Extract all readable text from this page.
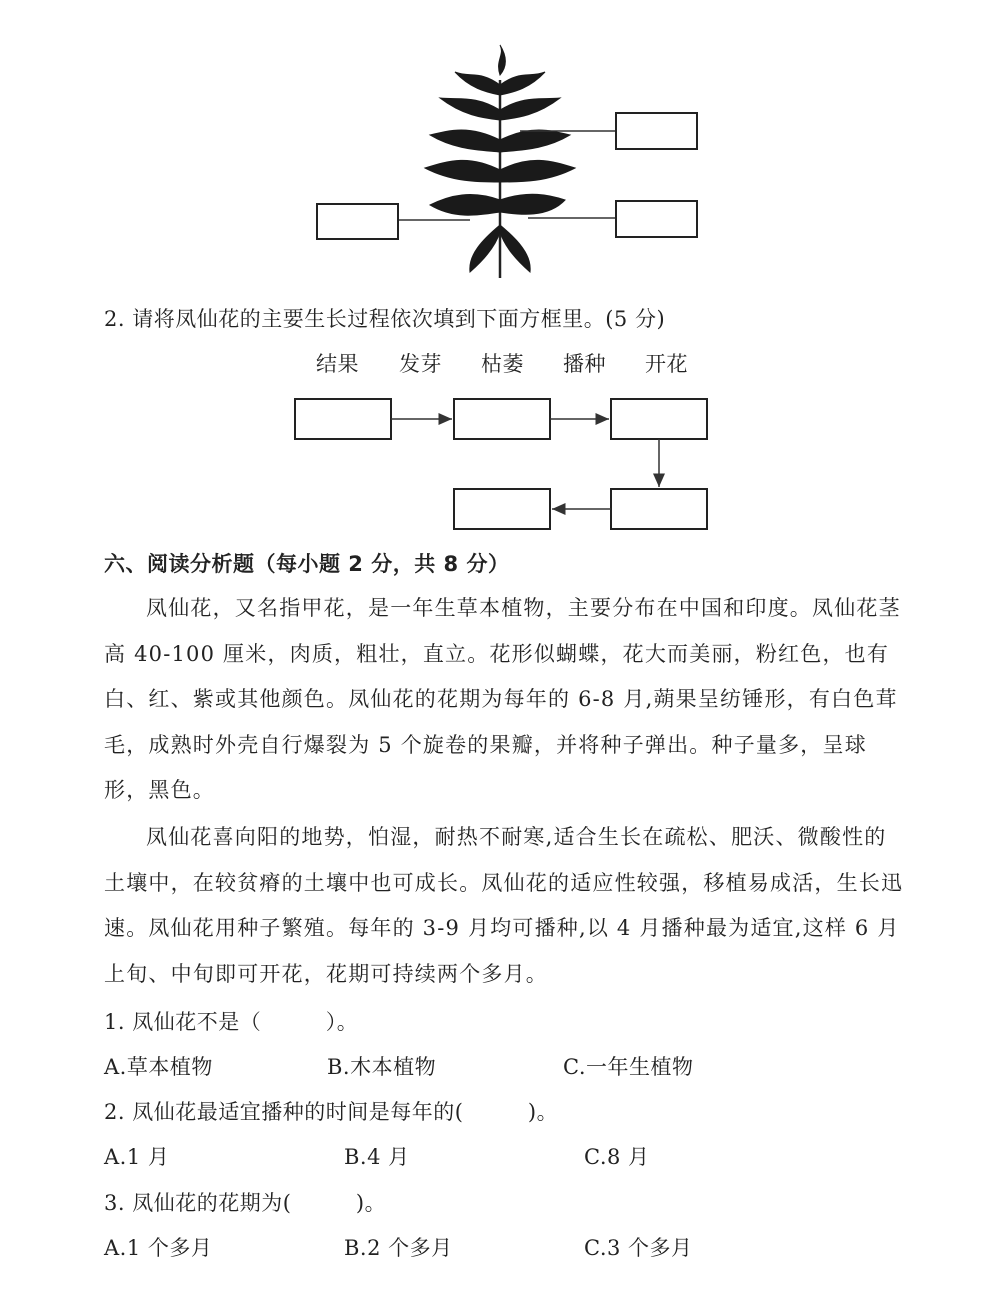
2. 请将凤仙花的主要生长过程依次填到下面方框里。(5 分)
结果 发芽 枯萎 播种 开花
六、阅读分析题（每小题 2 分，共 8 分）
凤仙花，又名指甲花，是一年生草本植物，主要分布在中国和印度。凤仙花茎高 40-100 厘米，肉质，粗壮，直立。花形似蝴蝶，花大而美丽，粉红色，也有白、红、紫或其他颜色。凤仙花的花期为每年的 6-8 月,蒴果呈纺锤形，有白色茸毛，成熟时外壳自行爆裂为 5 个旋卷的果瓣，并将种子弹出。种子量多，呈球形，黑色。
凤仙花喜向阳的地势，怕湿，耐热不耐寒,适合生长在疏松、肥沃、微酸性的土壤中，在较贫瘠的土壤中也可成长。凤仙花的适应性较强，移植易成活，生长迅速。凤仙花用种子繁殖。每年的 3-9 月均可播种,以 4 月播种最为适宜,这样 6 月上旬、中旬即可开花，花期可持续两个多月。
1. 凤仙花不是（　　　）。
A.草本植物	B.木本植物	C.一年生植物
2. 凤仙花最适宜播种的时间是每年的(　　　)。
A.1 月	B.4 月	C.8 月
3. 凤仙花的花期为(　　　)。
A.1 个多月	B.2 个多月	C.3 个多月
